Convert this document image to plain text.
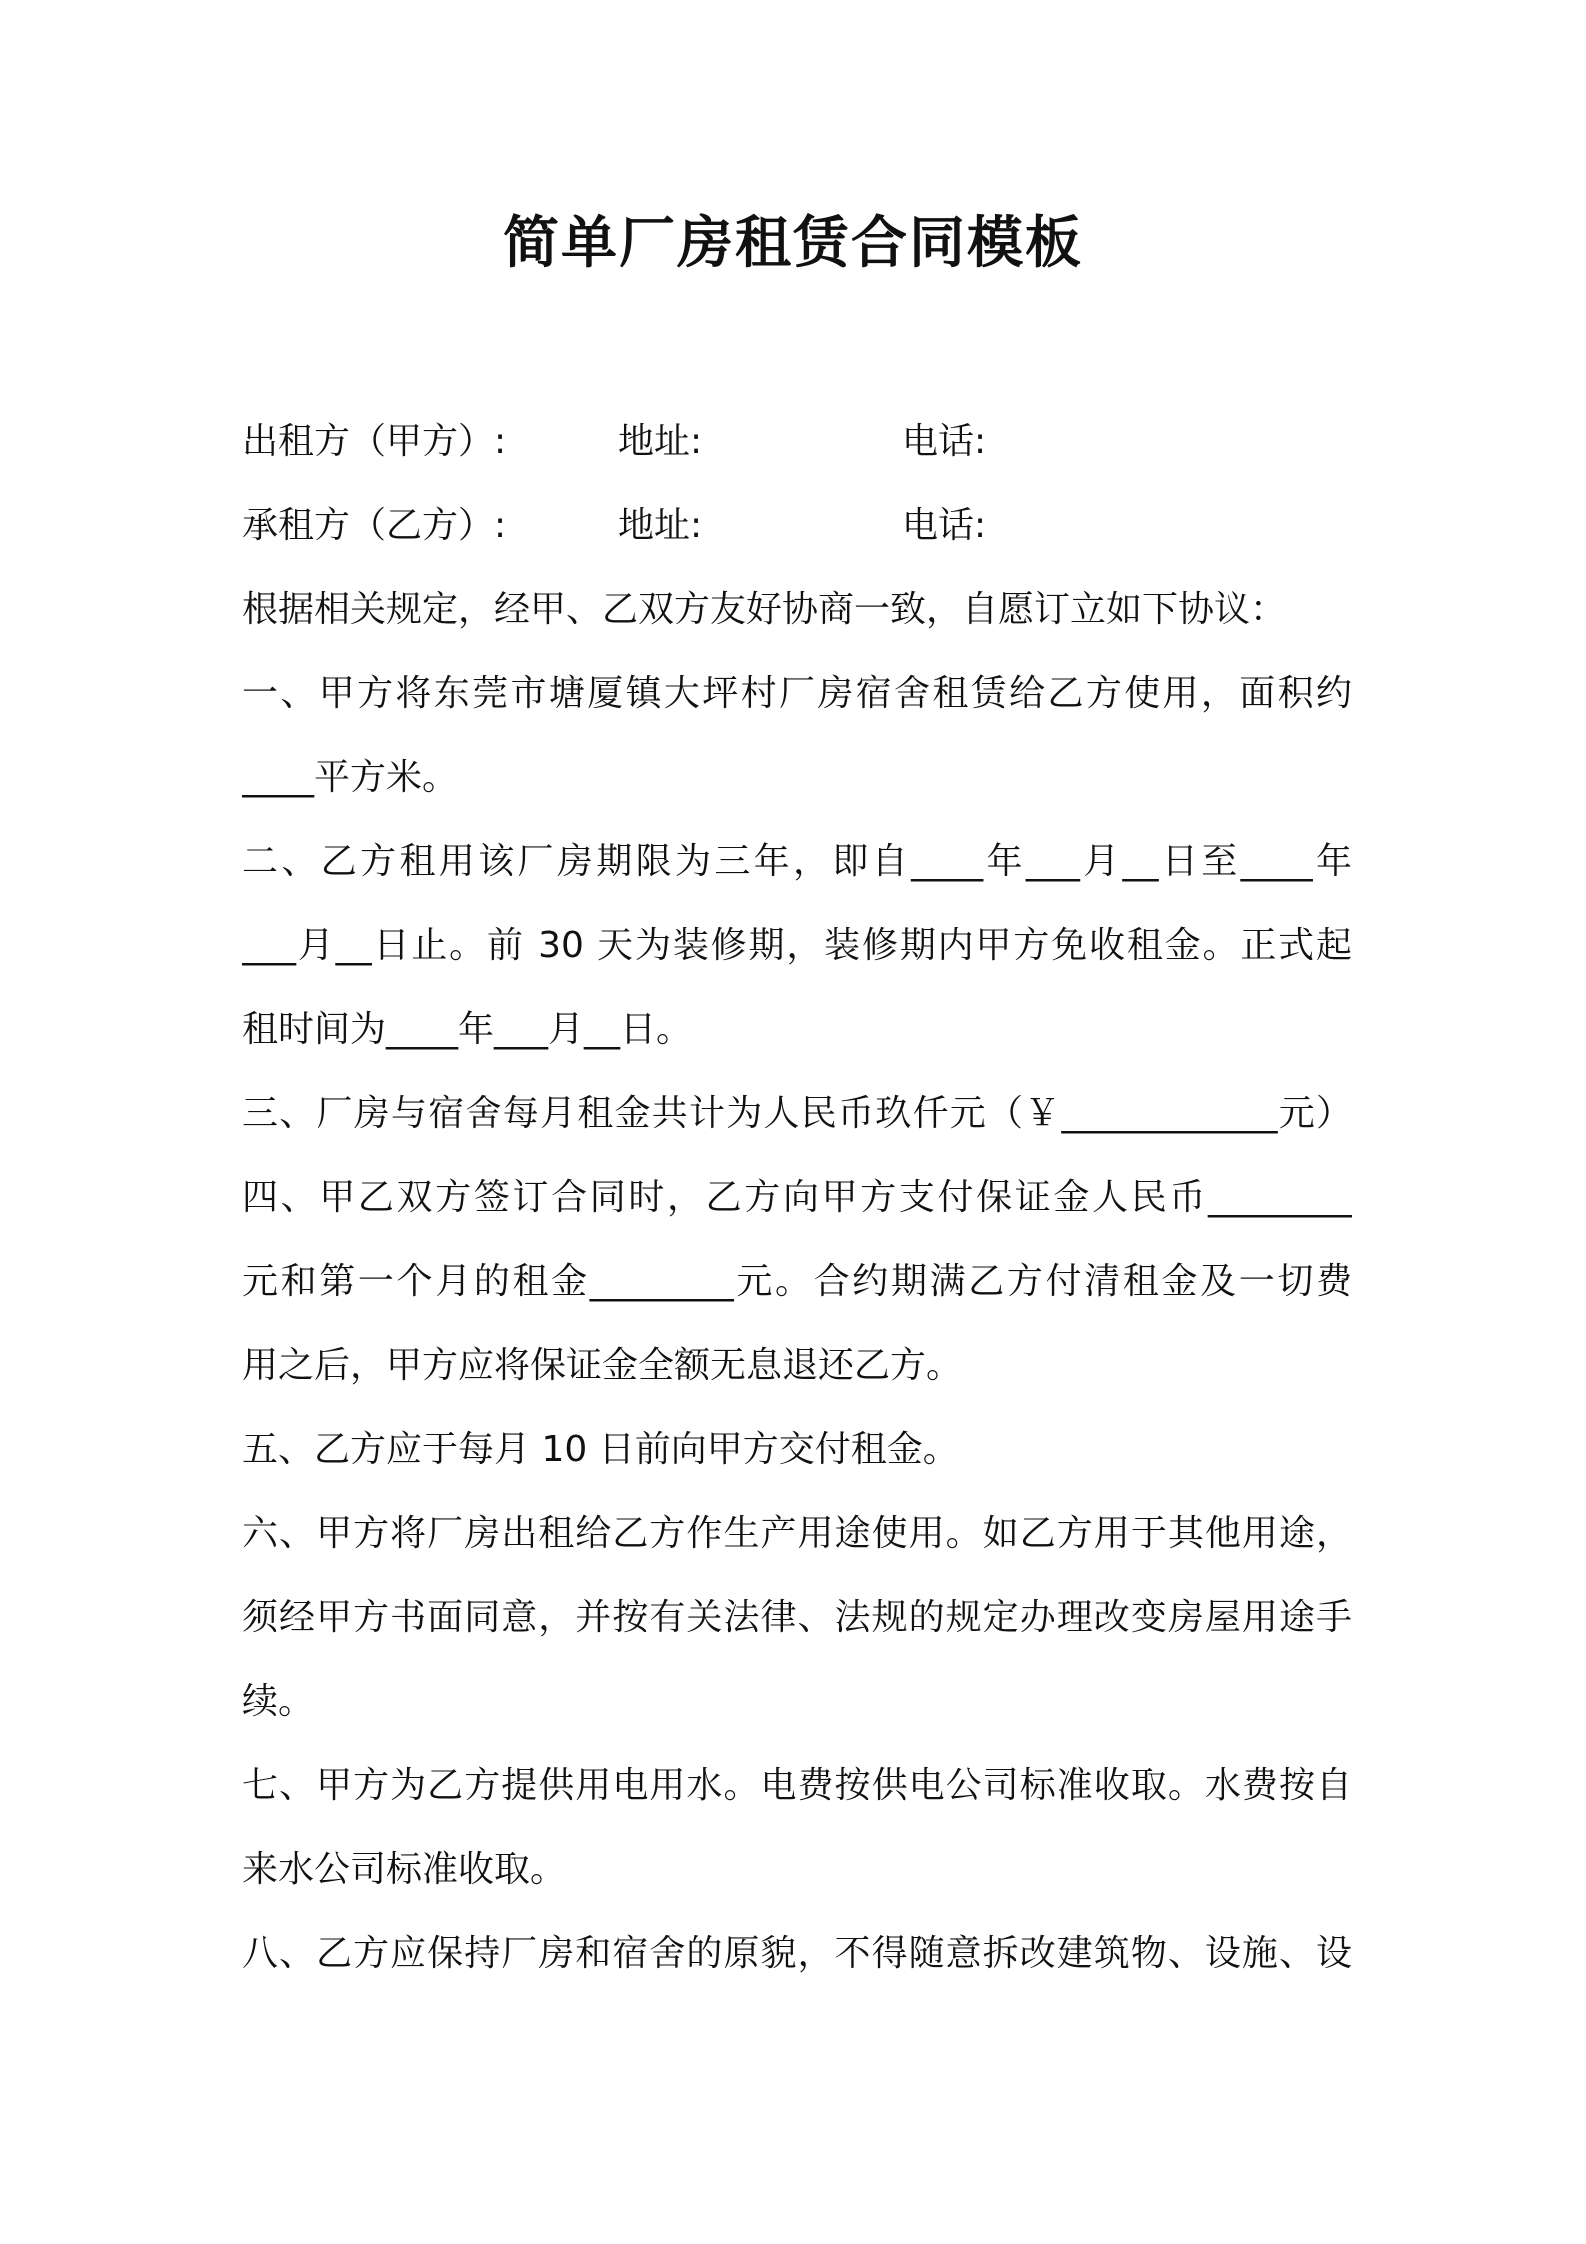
简单厂房租赁合同模板
出租方（甲方）:	地址:	电话:
承租方（乙方）:	地址:	电话:
根据相关规定，经甲、乙双方友好协商一致，自愿订立如下协议：
一、甲方将东莞市塘厦镇大坪村厂房宿舍租赁给乙方使用，面积约
____平方米。
二、乙方租用该厂房期限为三年，即自____年___月__日至____年
___月__日止。前 30 天为装修期，装修期内甲方免收租金。正式起
租时间为____年___月__日。
三、厂房与宿舍每月租金共计为人民币玖仟元（￥____________元）
四、甲乙双方签订合同时，乙方向甲方支付保证金人民币________
元和第一个月的租金________元。合约期满乙方付清租金及一切费
用之后，甲方应将保证金全额无息退还乙方。
五、乙方应于每月 10 日前向甲方交付租金。
六、甲方将厂房出租给乙方作生产用途使用。如乙方用于其他用途，
须经甲方书面同意，并按有关法律、法规的规定办理改变房屋用途手
续。
七、甲方为乙方提供用电用水。电费按供电公司标准收取。水费按自
来水公司标准收取。
八、乙方应保持厂房和宿舍的原貌，不得随意拆改建筑物、设施、设
